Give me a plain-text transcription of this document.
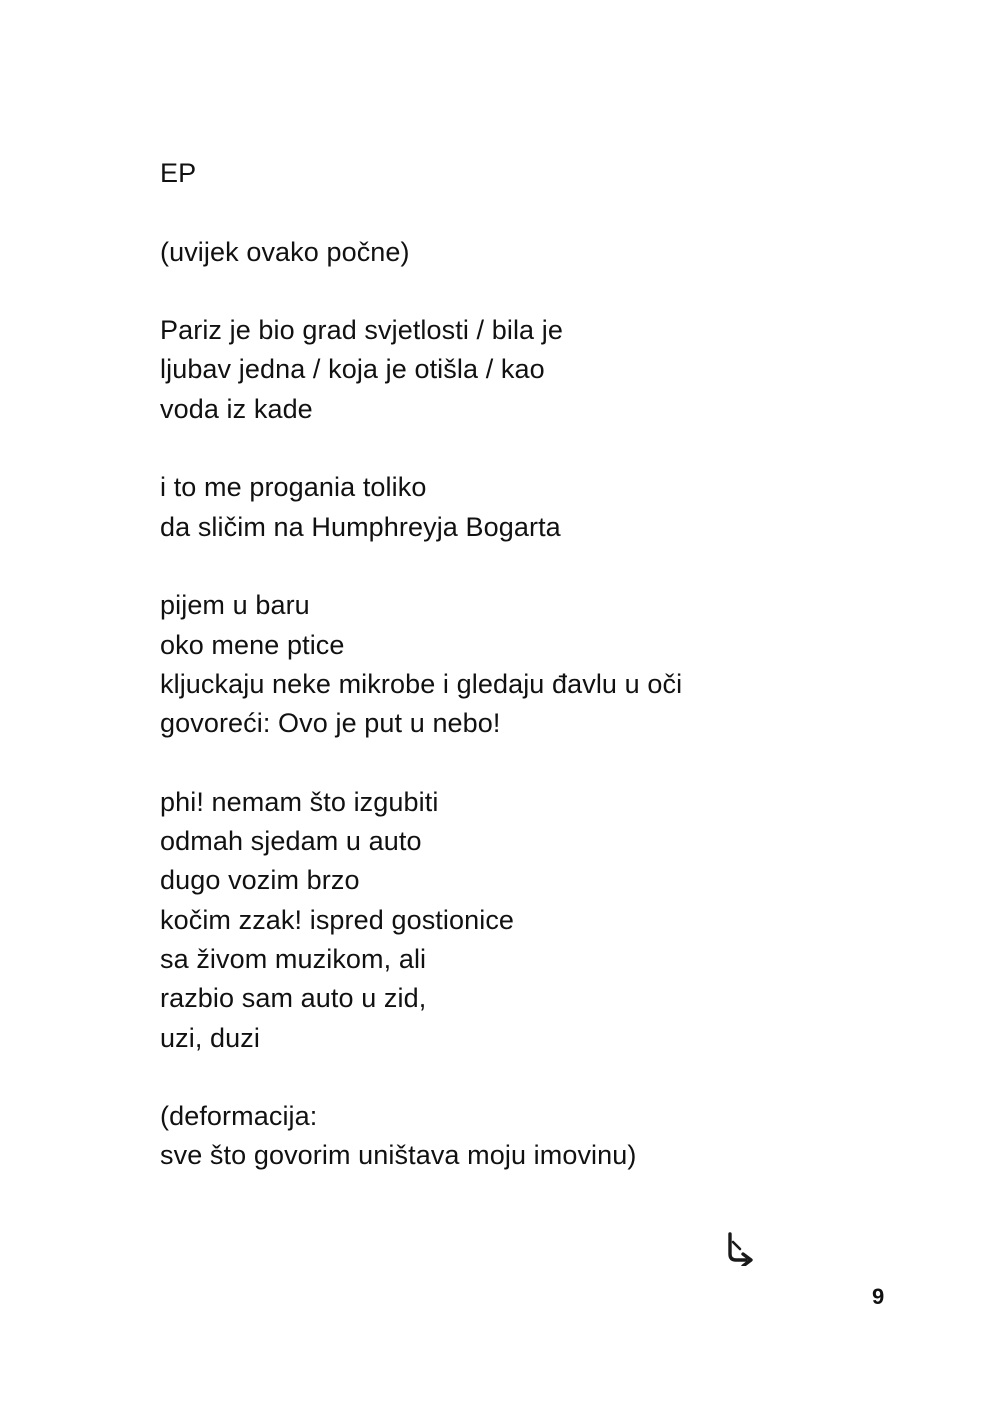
EP

(uvijek ovako počne)

Pariz je bio grad svjetlosti / bila je
ljubav jedna / koja je otišla / kao
voda iz kade

i to me progania toliko
da sličim na Humphreyja Bogarta

pijem u baru
oko mene ptice
kljuckaju neke mikrobe i gledaju đavlu u oči
govoreći: Ovo je put u nebo!

phi! nemam što izgubiti
odmah sjedam u auto
dugo vozim brzo
kočim zzak! ispred gostionice
sa živom muzikom, ali
razbio sam auto u zid,
uzi, duzi

(deformacija:
sve što govorim uništava moju imovinu)

9
